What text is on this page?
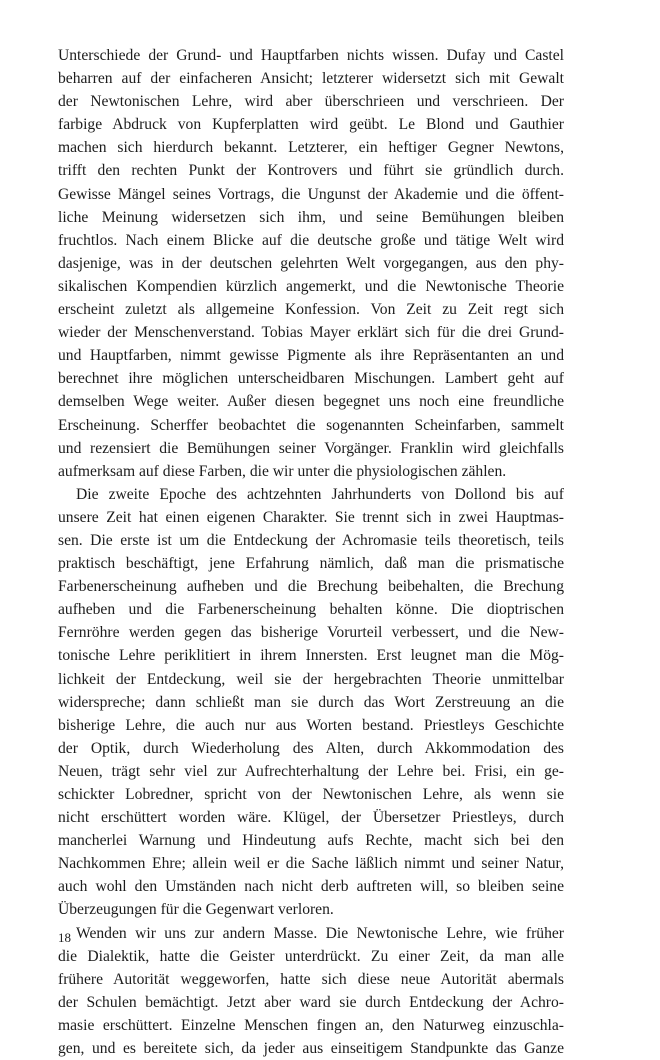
Unterschiede der Grund- und Hauptfarben nichts wissen. Dufay und Castel
beharren auf der einfacheren Ansicht; letzterer widersetzt sich mit Gewalt
der Newtonischen Lehre, wird aber überschrieen und verschrieen. Der
farbige Abdruck von Kupferplatten wird geübt. Le Blond und Gauthier
machen sich hierdurch bekannt. Letzterer, ein heftiger Gegner Newtons,
trifft den rechten Punkt der Kontrovers und führt sie gründlich durch.
Gewisse Mängel seines Vortrags, die Ungunst der Akademie und die öffent-
liche Meinung widersetzen sich ihm, und seine Bemühungen bleiben
fruchtlos. Nach einem Blicke auf die deutsche große und tätige Welt wird
dasjenige, was in der deutschen gelehrten Welt vorgegangen, aus den phy-
sikalischen Kompendien kürzlich angemerkt, und die Newtonische Theorie
erscheint zuletzt als allgemeine Konfession. Von Zeit zu Zeit regt sich
wieder der Menschenverstand. Tobias Mayer erklärt sich für die drei Grund-
und Hauptfarben, nimmt gewisse Pigmente als ihre Repräsentanten an und
berechnet ihre möglichen unterscheidbaren Mischungen. Lambert geht auf
demselben Wege weiter. Außer diesen begegnet uns noch eine freundliche
Erscheinung. Scherffer beobachtet die sogenannten Scheinfarben, sammelt
und rezensiert die Bemühungen seiner Vorgänger. Franklin wird gleichfalls
aufmerksam auf diese Farben, die wir unter die physiologischen zählen.
Die zweite Epoche des achtzehnten Jahrhunderts von Dollond bis auf
unsere Zeit hat einen eigenen Charakter. Sie trennt sich in zwei Hauptmas-
sen. Die erste ist um die Entdeckung der Achromasie teils theoretisch, teils
praktisch beschäftigt, jene Erfahrung nämlich, daß man die prismatische
Farbenerscheinung aufheben und die Brechung beibehalten, die Brechung
aufheben und die Farbenerscheinung behalten könne. Die dioptrischen
Fernröhre werden gegen das bisherige Vorurteil verbessert, und die New-
tonische Lehre periklitiert in ihrem Innersten. Erst leugnet man die Mög-
lichkeit der Entdeckung, weil sie der hergebrachten Theorie unmittelbar
widerspreche; dann schließt man sie durch das Wort Zerstreuung an die
bisherige Lehre, die auch nur aus Worten bestand. Priestleys Geschichte
der Optik, durch Wiederholung des Alten, durch Akkommodation des
Neuen, trägt sehr viel zur Aufrechterhaltung der Lehre bei. Frisi, ein ge-
schickter Lobredner, spricht von der Newtonischen Lehre, als wenn sie
nicht erschüttert worden wäre. Klügel, der Übersetzer Priestleys, durch
mancherlei Warnung und Hindeutung aufs Rechte, macht sich bei den
Nachkommen Ehre; allein weil er die Sache läßlich nimmt und seiner Natur,
auch wohl den Umständen nach nicht derb auftreten will, so bleiben seine
Überzeugungen für die Gegenwart verloren.
Wenden wir uns zur andern Masse. Die Newtonische Lehre, wie früher
die Dialektik, hatte die Geister unterdrückt. Zu einer Zeit, da man alle
frühere Autorität weggeworfen, hatte sich diese neue Autorität abermals
der Schulen bemächtigt. Jetzt aber ward sie durch Entdeckung der Achro-
masie erschüttert. Einzelne Menschen fingen an, den Naturweg einzuschla-
gen, und es bereitete sich, da jeder aus einseitigem Standpunkte das Ganze
18
